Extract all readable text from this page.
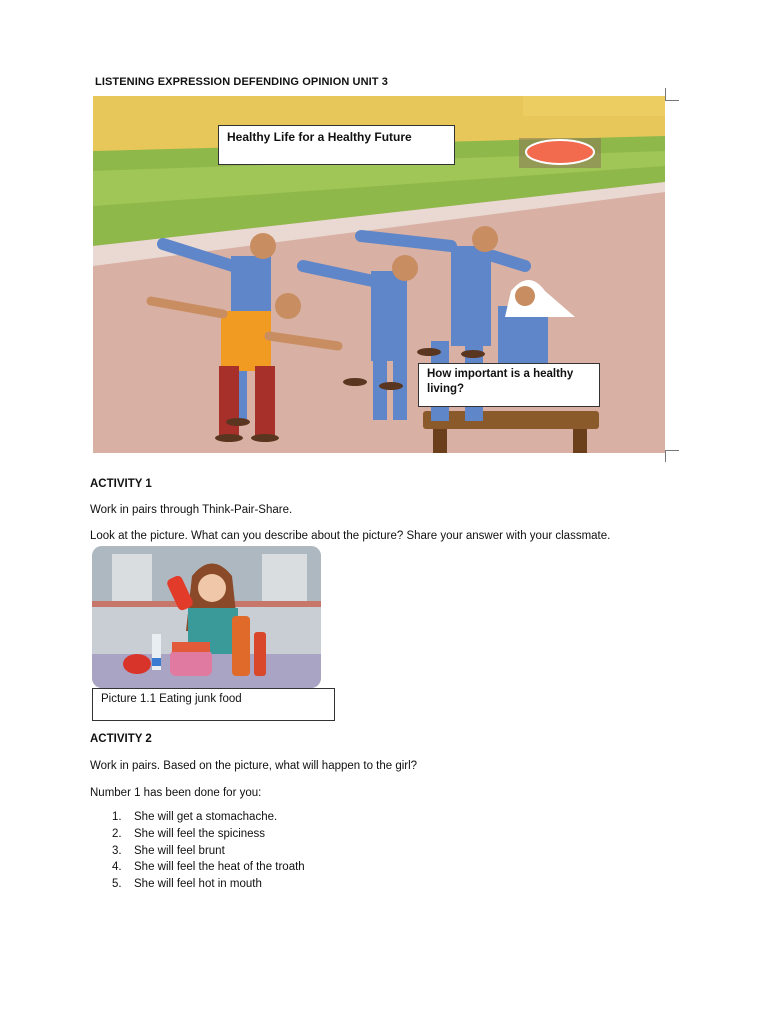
LISTENING EXPRESSION DEFENDING OPINION UNIT 3
Healthy Life for a Healthy Future
How important is a healthy living?
ACTIVITY 1
Work in pairs through Think-Pair-Share.
Look at the picture. What can you describe about the picture? Share your answer with your classmate.
Picture 1.1 Eating junk food
ACTIVITY 2
Work in pairs. Based on the picture, what will happen to the girl?
Number 1 has been done for you:
1.	She will get a stomachache.
2.	She will feel the spiciness
3.	She will feel brunt
4.	She will feel the heat of the troath
5.	She will feel hot in mouth
